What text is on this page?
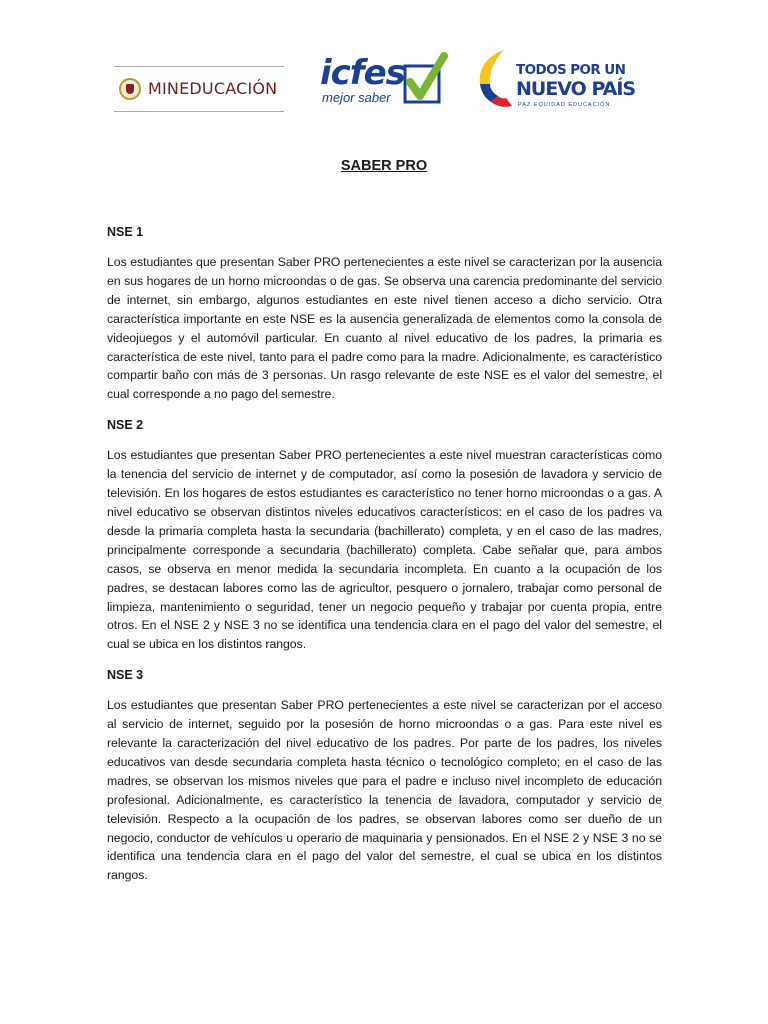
MINEDUCACIÓN icfes
mejor saber
TODOS POR UN
NUEVO PAÍS
PAZ EQUIDAD EDUCACIÓN
SABER PRO
NSE 1

Los estudiantes que presentan Saber PRO pertenecientes a este nivel se caracterizan por la ausencia en sus hogares de un horno microondas o de gas. Se observa una carencia predominante del servicio de internet, sin embargo, algunos estudiantes en este nivel tienen acceso a dicho servicio. Otra característica importante en este NSE es la ausencia generalizada de elementos como la consola de videojuegos y el automóvil particular. En cuanto al nivel educativo de los padres, la primaria es característica de este nivel, tanto para el padre como para la madre. Adicionalmente, es característico compartir baño con más de 3 personas. Un rasgo relevante de este NSE es el valor del semestre, el cual corresponde a no pago del semestre.

NSE 2

Los estudiantes que presentan Saber PRO pertenecientes a este nivel muestran características como la tenencia del servicio de internet y de computador, así como la posesión de lavadora y servicio de televisión. En los hogares de estos estudiantes es característico no tener horno microondas o a gas. A nivel educativo se observan distintos niveles educativos característicos: en el caso de los padres va desde la primaria completa hasta la secundaria (bachillerato) completa, y en el caso de las madres, principalmente corresponde a secundaria (bachillerato) completa. Cabe señalar que, para ambos casos, se observa en menor medida la secundaria incompleta. En cuanto a la ocupación de los padres, se destacan labores como las de agricultor, pesquero o jornalero, trabajar como personal de limpieza, mantenimiento o seguridad, tener un negocio pequeño y trabajar por cuenta propia, entre otros. En el NSE 2 y NSE 3 no se identifica una tendencia clara en el pago del valor del semestre, el cual se ubica en los distintos rangos.

NSE 3

Los estudiantes que presentan Saber PRO pertenecientes a este nivel se caracterizan por el acceso al servicio de internet, seguido por la posesión de horno microondas o a gas. Para este nivel es relevante la caracterización del nivel educativo de los padres. Por parte de los padres, los niveles educativos van desde secundaria completa hasta técnico o tecnológico completo; en el caso de las madres, se observan los mismos niveles que para el padre e incluso nivel incompleto de educación profesional. Adicionalmente, es característico la tenencia de lavadora, computador y servicio de televisión. Respecto a la ocupación de los padres, se observan labores como ser dueño de un negocio, conductor de vehículos u operario de maquinaria y pensionados. En el NSE 2 y NSE 3 no se identifica una tendencia clara en el pago del valor del semestre, el cual se ubica en los distintos rangos.
